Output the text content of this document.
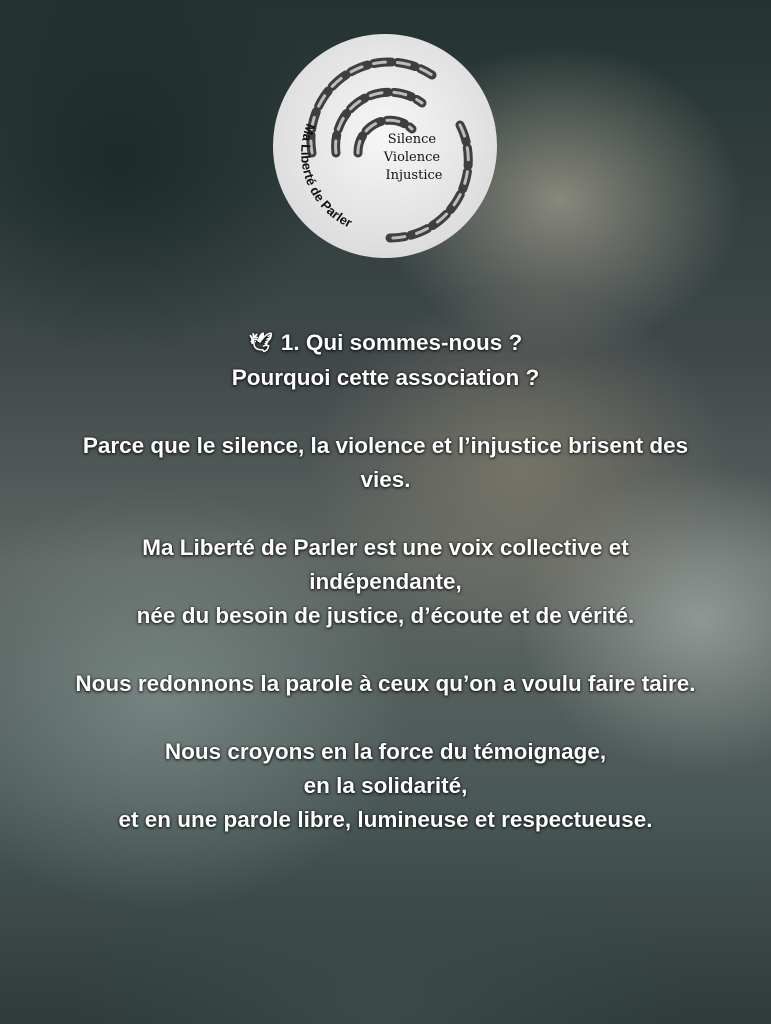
Silence Violence Injustice
Ma Liberté de Parler
🕊 1. Qui sommes-nous ?
Pourquoi cette association ?
Parce que le silence, la violence et l’injustice brisent des
vies.
Ma Liberté de Parler est une voix collective et
indépendante,
née du besoin de justice, d’écoute et de vérité.
Nous redonnons la parole à ceux qu’on a voulu faire taire.
Nous croyons en la force du témoignage,
en la solidarité,
et en une parole libre, lumineuse et respectueuse.
